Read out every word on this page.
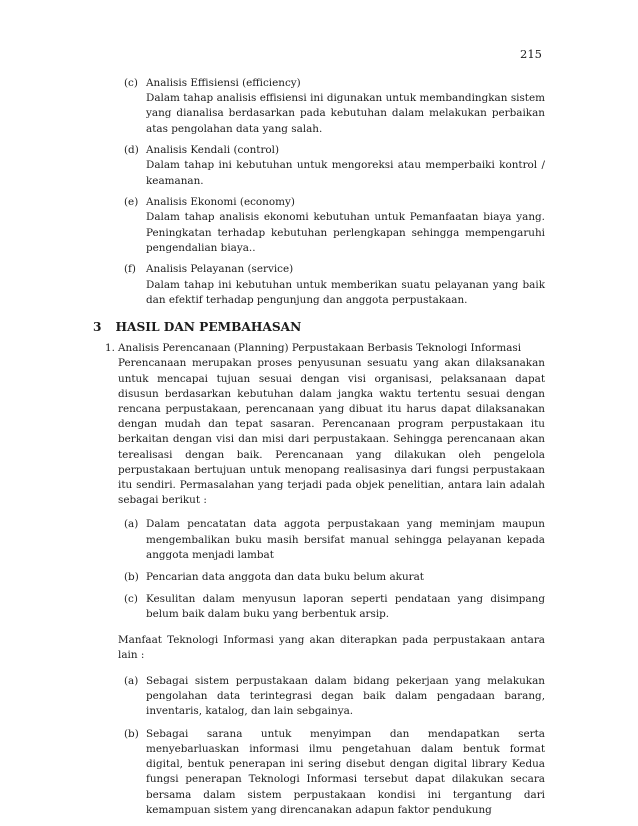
215
(c) Analisis Effisiensi (efficiency)
Dalam tahap analisis effisiensi ini digunakan untuk membandingkan sistem yang dianalisa berdasarkan pada kebutuhan dalam melakukan perbaikan atas pengolahan data yang salah.
(d) Analisis Kendali (control)
Dalam tahap ini kebutuhan untuk mengoreksi atau memperbaiki kontrol / keamanan.
(e) Analisis Ekonomi (economy)
Dalam tahap analisis ekonomi kebutuhan untuk Pemanfaatan biaya yang. Peningkatan terhadap kebutuhan perlengkapan sehingga mempengaruhi pengendalian biaya..
(f) Analisis Pelayanan (service)
Dalam tahap ini kebutuhan untuk memberikan suatu pelayanan yang baik dan efektif terhadap pengunjung dan anggota perpustakaan.
3 HASIL DAN PEMBAHASAN
1. Analisis Perencanaan (Planning) Perpustakaan Berbasis Teknologi Informasi

Perencanaan merupakan proses penyusunan sesuatu yang akan dilaksanakan untuk mencapai tujuan sesuai dengan visi organisasi, pelaksanaan dapat disusun berdasarkan kebutuhan dalam jangka waktu tertentu sesuai dengan rencana perpustakaan, perencanaan yang dibuat itu harus dapat dilaksanakan dengan mudah dan tepat sasaran. Perencanaan program perpustakaan itu berkaitan dengan visi dan misi dari perpustakaan. Sehingga perencanaan akan terealisasi dengan baik. Perencanaan yang dilakukan oleh pengelola perpustakaan bertujuan untuk menopang realisasinya dari fungsi perpustakaan itu sendiri. Permasalahan yang terjadi pada objek penelitian, antara lain adalah sebagai berikut :

(a) Dalam pencatatan data aggota perpustakaan yang meminjam maupun mengembalikan buku masih bersifat manual sehingga pelayanan kepada anggota menjadi lambat
(b) Pencarian data anggota dan data buku belum akurat
(c) Kesulitan dalam menyusun laporan seperti pendataan yang disimpang belum baik dalam buku yang berbentuk arsip.

Manfaat Teknologi Informasi yang akan diterapkan pada perpustakaan antara lain :

(a) Sebagai sistem perpustakaan dalam bidang pekerjaan yang melakukan pengolahan data terintegrasi degan baik dalam pengadaan barang, inventaris, katalog, dan lain sebgainya.
(b) Sebagai sarana untuk menyimpan dan mendapatkan serta menyebarluaskan informasi ilmu pengetahuan dalam bentuk format digital, bentuk penerapan ini sering disebut dengan digital library Kedua fungsi penerapan Teknologi Informasi tersebut dapat dilakukan secara bersama dalam sistem perpustakaan kondisi ini tergantung dari kemampuan sistem yang direncanakan adapun faktor pendukung
